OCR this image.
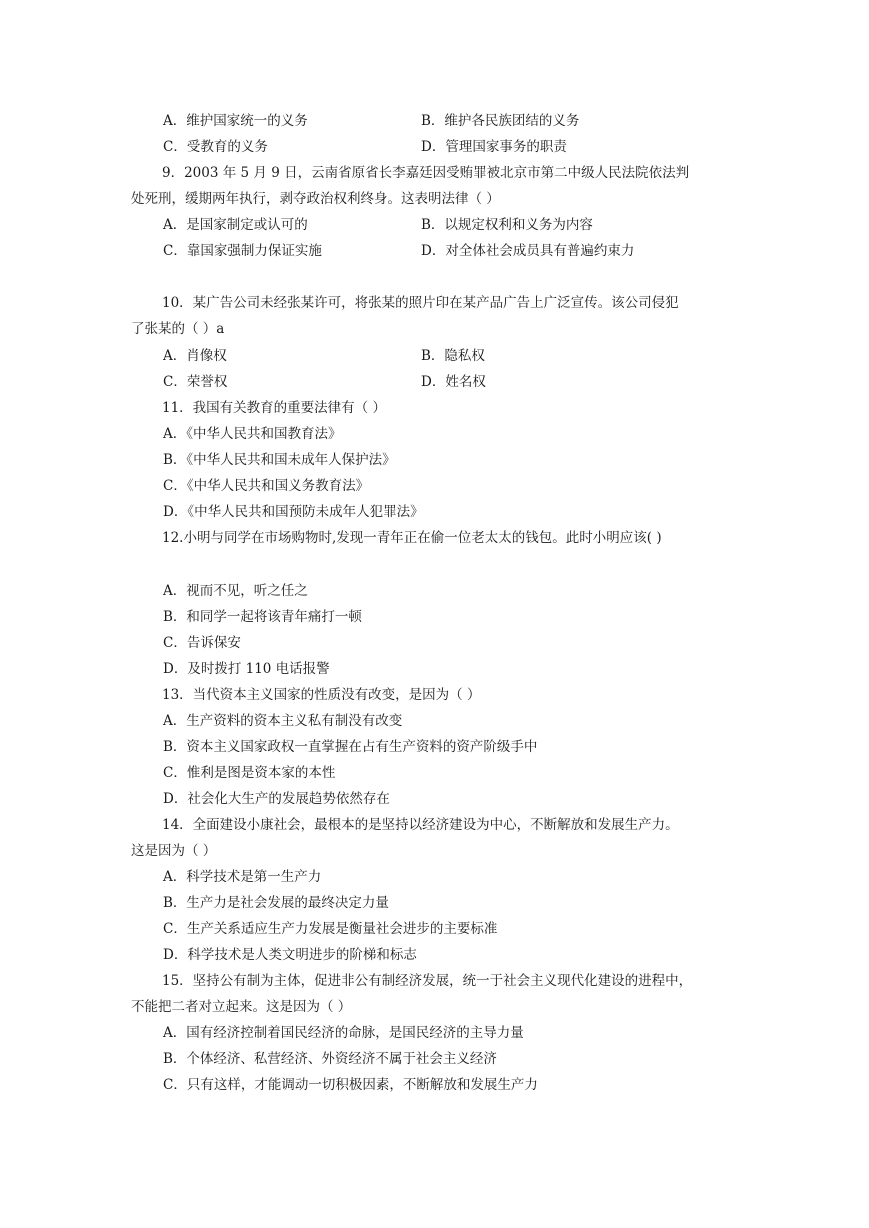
A．维护国家统一的义务	B．维护各民族团结的义务
C．受教育的义务	D．管理国家事务的职责
9．2003 年 5 月 9 日，云南省原省长李嘉廷因受贿罪被北京市第二中级人民法院依法判
处死刑，缓期两年执行，剥夺政治权利终身。这表明法律（ ）
A．是国家制定或认可的	B．以规定权利和义务为内容
C．靠国家强制力保证实施	D．对全体社会成员具有普遍约束力
10．某广告公司未经张某许可，将张某的照片印在某产品广告上广泛宣传。该公司侵犯
了张某的（ ）a
A．肖像权	B．隐私权
C．荣誉权	D．姓名权
11．我国有关教育的重要法律有（ ）
A．《中华人民共和国教育法》
B．《中华人民共和国未成年人保护法》
C．《中华人民共和国义务教育法》
D．《中华人民共和国预防未成年人犯罪法》
12.小明与同学在市场购物时,发现一青年正在偷一位老太太的钱包。此时小明应该( )
A．视而不见，听之任之
B．和同学一起将该青年痛打一顿
C．告诉保安
D．及时拨打 110 电话报警
13．当代资本主义国家的性质没有改变，是因为（ ）
A．生产资料的资本主义私有制没有改变
B．资本主义国家政权一直掌握在占有生产资料的资产阶级手中
C．惟利是图是资本家的本性
D．社会化大生产的发展趋势依然存在
14．全面建设小康社会，最根本的是坚持以经济建设为中心，不断解放和发展生产力。
这是因为（ ）
A．科学技术是第一生产力
B．生产力是社会发展的最终决定力量
C．生产关系适应生产力发展是衡量社会进步的主要标准
D．科学技术是人类文明进步的阶梯和标志
15．坚持公有制为主体，促进非公有制经济发展，统一于社会主义现代化建设的进程中，
不能把二者对立起来。这是因为（ ）
A．国有经济控制着国民经济的命脉，是国民经济的主导力量
B．个体经济、私营经济、外资经济不属于社会主义经济
C．只有这样，才能调动一切积极因素，不断解放和发展生产力
